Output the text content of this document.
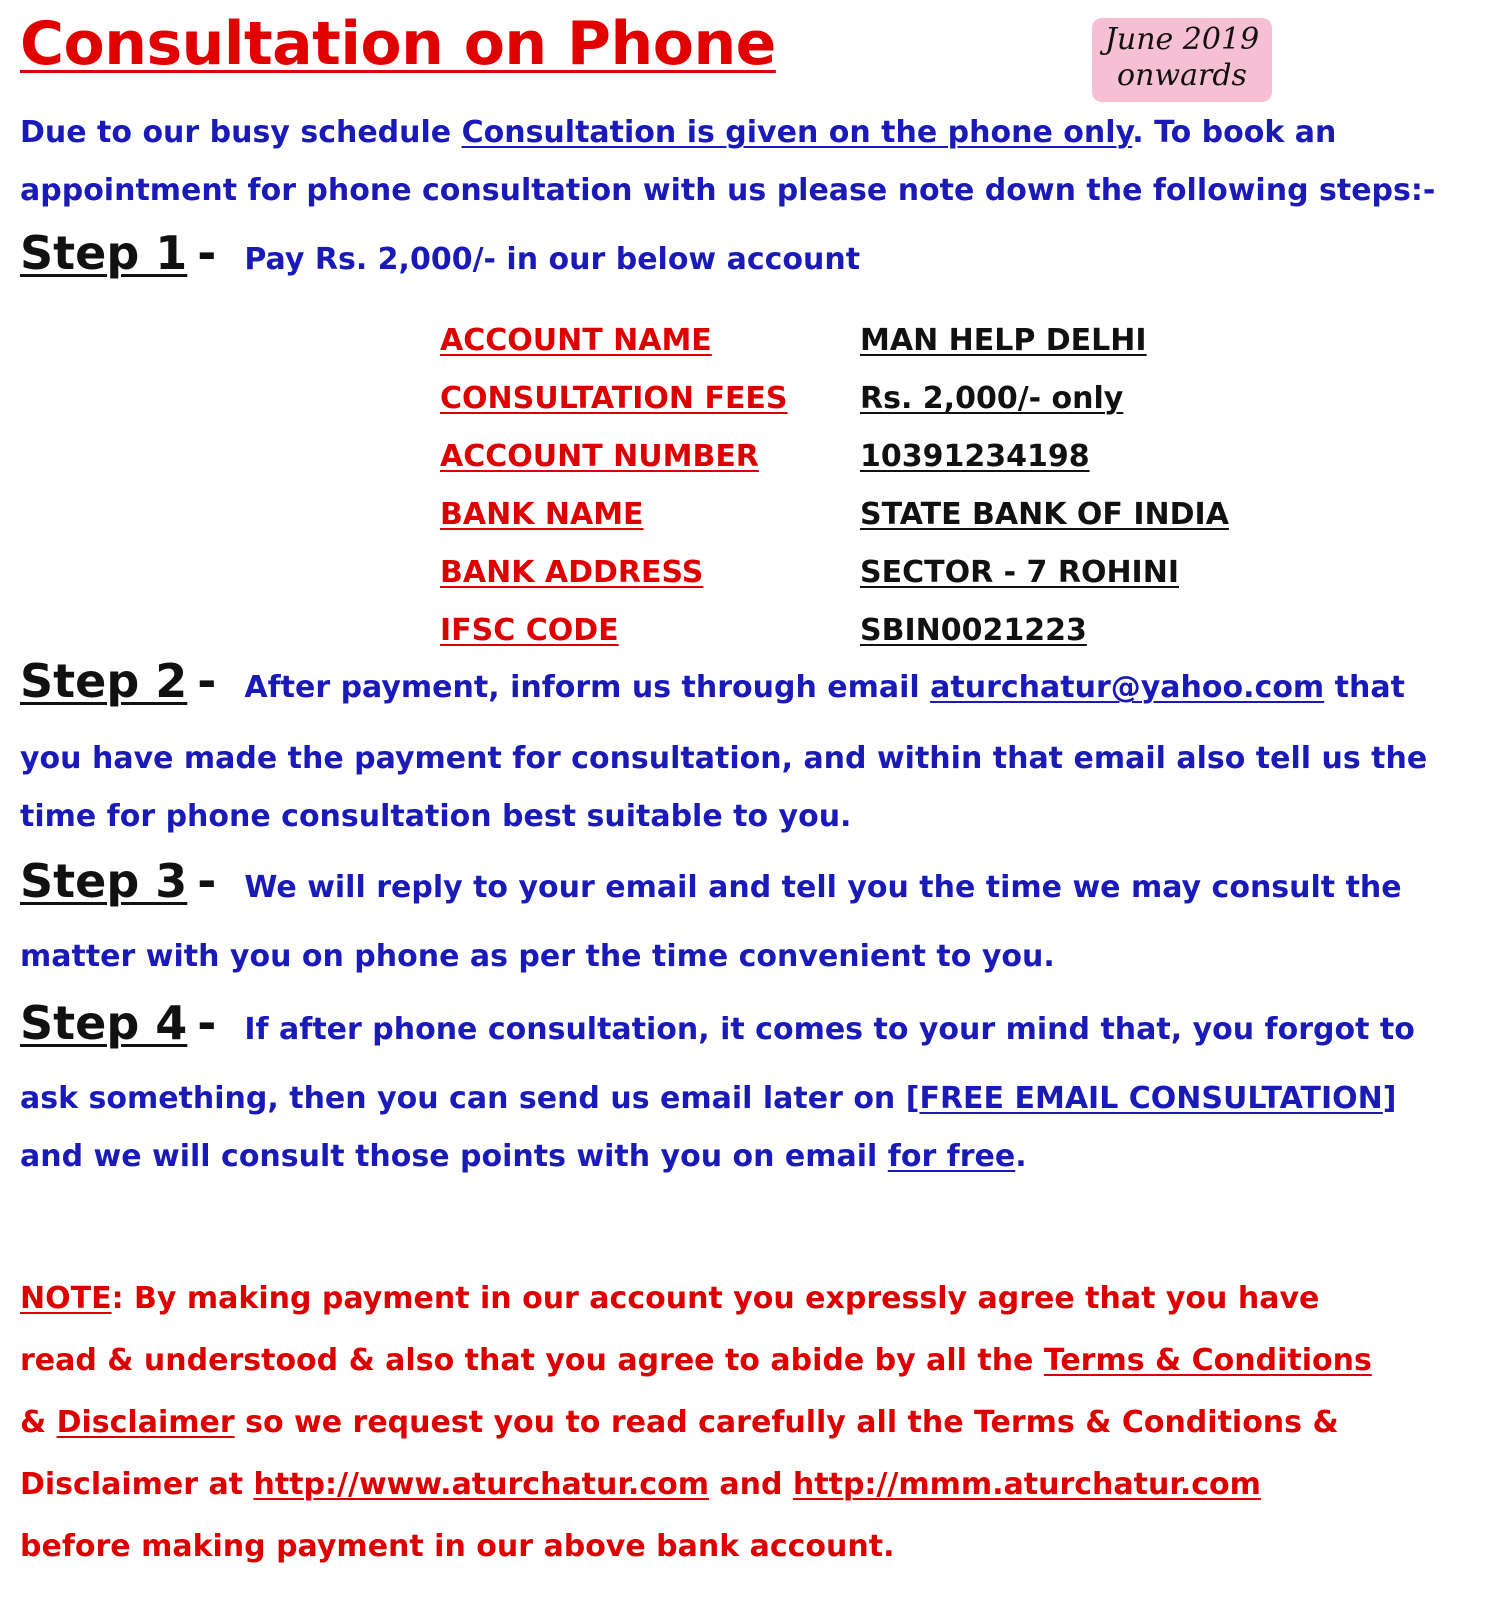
Consultation on Phone	June 2019
onwards

Due to our busy schedule Consultation is given on the phone only. To book an
appointment for phone consultation with us please note down the following steps:-

Step 1 - Pay Rs. 2,000/- in our below account
ACCOUNT NAME	MAN HELP DELHI
CONSULTATION FEES Rs. 2,000/- only
ACCOUNT NUMBER	10391234198
BANK NAME	STATE BANK OF INDIA
BANK ADDRESS	SECTOR - 7 ROHINI
IFSC CODE	SBIN0021223
Step 2 - After payment, inform us through email aturchatur@yahoo.com that

you have made the payment for consultation, and within that email also tell us the
time for phone consultation best suitable to you.

Step 3 - We will reply to your email and tell you the time we may consult the

matter with you on phone as per the time convenient to you.

Step 4 - If after phone consultation, it comes to your mind that, you forgot to

ask something, then you can send us email later on [FREE EMAIL CONSULTATION]
and we will consult those points with you on email for free.

NOTE: By making payment in our account you expressly agree that you have
read & understood & also that you agree to abide by all the Terms & Conditions
& Disclaimer so we request you to read carefully all the Terms & Conditions &
Disclaimer at http://www.aturchatur.com and http://mmm.aturchatur.com
before making payment in our above bank account.
